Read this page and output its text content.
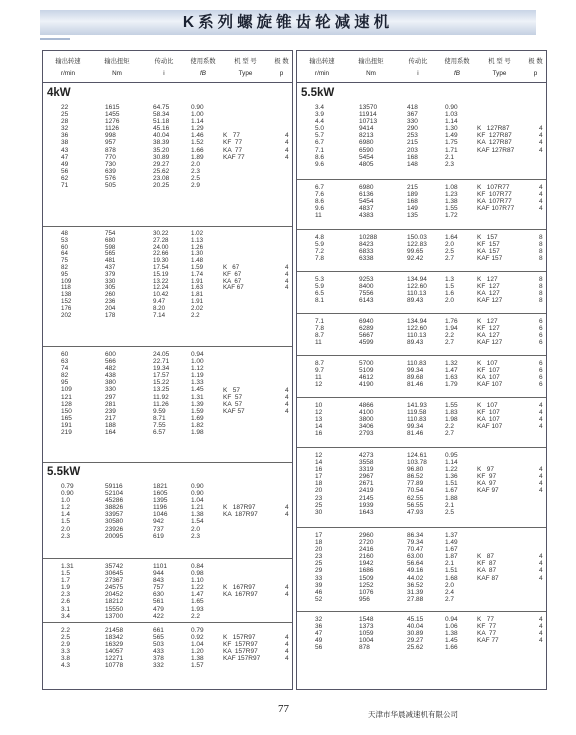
K系列螺旋锥齿轮减速机
输出转速
r/min
输出扭矩
Nm
传动比
i
使用系数
fB
机 型 号
Type
极 数
p
4kW
22
25
28
32
36
38
43
47
49
56
62
71
1615
1455
1276
1126
998
957
878
770
730
639
576
505
64.75
58.34
51.18
45.16
40.04
38.39
35.20
30.89
29.27
25.62
23.08
20.25
0.90
1.00
1.14
1.29
1.46
1.52
1.66
1.89
2.0
2.3
2.5
2.9
K   77
KF  77
KA  77
KAF 77
4
4
4
4
48
53
60
64
75
82
95
109
118
138
152
176
202
754
680
598
565
481
437
379
330
305
260
236
204
178
30.22
27.28
24.00
22.66
19.30
17.54
15.19
13.22
12.24
10.42
9.47
8.20
7.14
1.02
1.13
1.26
1.30
1.48
1.59
1.74
1.91
1.63
1.81
1.91
2.02
2.2
K   67
KF  67
KA  67
KAF 67
4
4
4
4
60
63
74
82
95
109
121
128
150
165
191
219
600
566
482
438
380
330
297
281
239
217
188
164
24.05
22.71
19.34
17.57
15.22
13.25
11.92
11.26
9.59
8.71
7.55
6.57
0.94
1.00
1.12
1.19
1.33
1.45
1.31
1.39
1.59
1.69
1.82
1.98
K   57
KF  57
KA  57
KAF 57
4
4
4
4
5.5kW
0.79
0.90
1.0
1.2
1.4
1.5
2.0
2.3
59116
52104
45286
38826
33957
30580
23926
20095
1821
1605
1395
1196
1046
942
737
619
0.90
0.90
1.04
1.21
1.38
1.54
2.0
2.3
K   187R97
KA  187R97
4
4
1.31
1.5
1.7
1.9
2.3
2.6
3.1
3.4
35742
30645
27367
24575
20452
18212
15550
13700
1101
944
843
757
630
561
479
422
0.84
0.98
1.10
1.22
1.47
1.65
1.93
2.2
K   167R97
KA  167R97
4
4
2.2
2.5
2.9
3.3
3.8
4.3
21458
18342
16329
14057
12271
10778
661
565
503
433
378
332
0.79
0.92
1.04
1.20
1.38
1.57
K   157R97
KF  157R97
KA  157R97
KAF 157R97
4
4
4
4
输出转速
r/min
输出扭矩
Nm
传动比
i
使用系数
fB
机 型 号
Type
极 数
p
5.5kW
3.4
3.9
4.4
5.0
5.7
6.7
7.1
8.6
9.6
13570
11914
10713
9414
8213
6980
6590
5454
4805
418
367
330
290
253
215
203
168
148
0.90
1.03
1.14
1.30
1.49
1.75
1.71
2.1
2.3
K   127R87
KF  127R87
KA  127R87
KAF 127R87
4
4
4
4
6.7
7.6
8.6
9.6
11
6980
6136
5454
4837
4383
215
189
168
149
135
1.08
1.23
1.38
1.55
1.72
K   107R77
KF  107R77
KA  107R77
KAF 107R77
4
4
4
4
4.8
5.9
7.2
7.8
10288
8423
6833
6338
150.03
122.83
99.65
92.42
1.64
2.0
2.5
2.7
K   157
KF  157
KA  157
KAF 157
8
8
8
8
5.3
5.9
6.5
8.1
9253
8400
7556
6143
134.94
122.60
110.13
89.43
1.3
1.5
1.6
2.0
K   127
KF  127
KA  127
KAF 127
8
8
8
8
7.1
7.8
8.7
11
6940
6289
5667
4599
134.94
122.60
110.13
89.43
1.76
1.94
2.2
2.7
K   127
KF  127
KA  127
KAF 127
6
6
6
6
8.7
9.7
11
12
5700
5109
4612
4190
110.83
99.34
89.68
81.46
1.32
1.47
1.63
1.79
K   107
KF  107
KA  107
KAF 107
6
6
6
6
10
12
13
14
16
4866
4100
3800
3406
2793
141.93
119.58
110.83
99.34
81.46
1.55
1.83
1.98
2.2
2.7
K   107
KF  107
KA  107
KAF 107
4
4
4
4
12
14
16
17
18
20
23
25
30
4273
3558
3319
2967
2671
2419
2145
1939
1643
124.61
103.78
96.80
86.52
77.89
70.54
62.55
56.55
47.93
0.95
1.14
1.22
1.36
1.51
1.67
1.88
2.1
2.5
K   97
KF  97
KA  97
KAF 97
4
4
4
4
17
18
20
23
25
29
33
39
46
52
2960
2720
2416
2160
1942
1686
1509
1252
1076
956
86.34
79.34
70.47
63.00
56.64
49.16
44.02
36.52
31.39
27.88
1.37
1.49
1.67
1.87
2.1
1.51
1.68
2.0
2.4
2.7
K   87
KF  87
KA  87
KAF 87
4
4
4
4
32
36
47
49
56
1548
1373
1059
1004
878
45.15
40.04
30.89
29.27
25.62
0.94
1.06
1.38
1.45
1.66
K   77
KF  77
KA  77
KAF 77
4
4
4
4
77	天津市华晨减速机有限公司
